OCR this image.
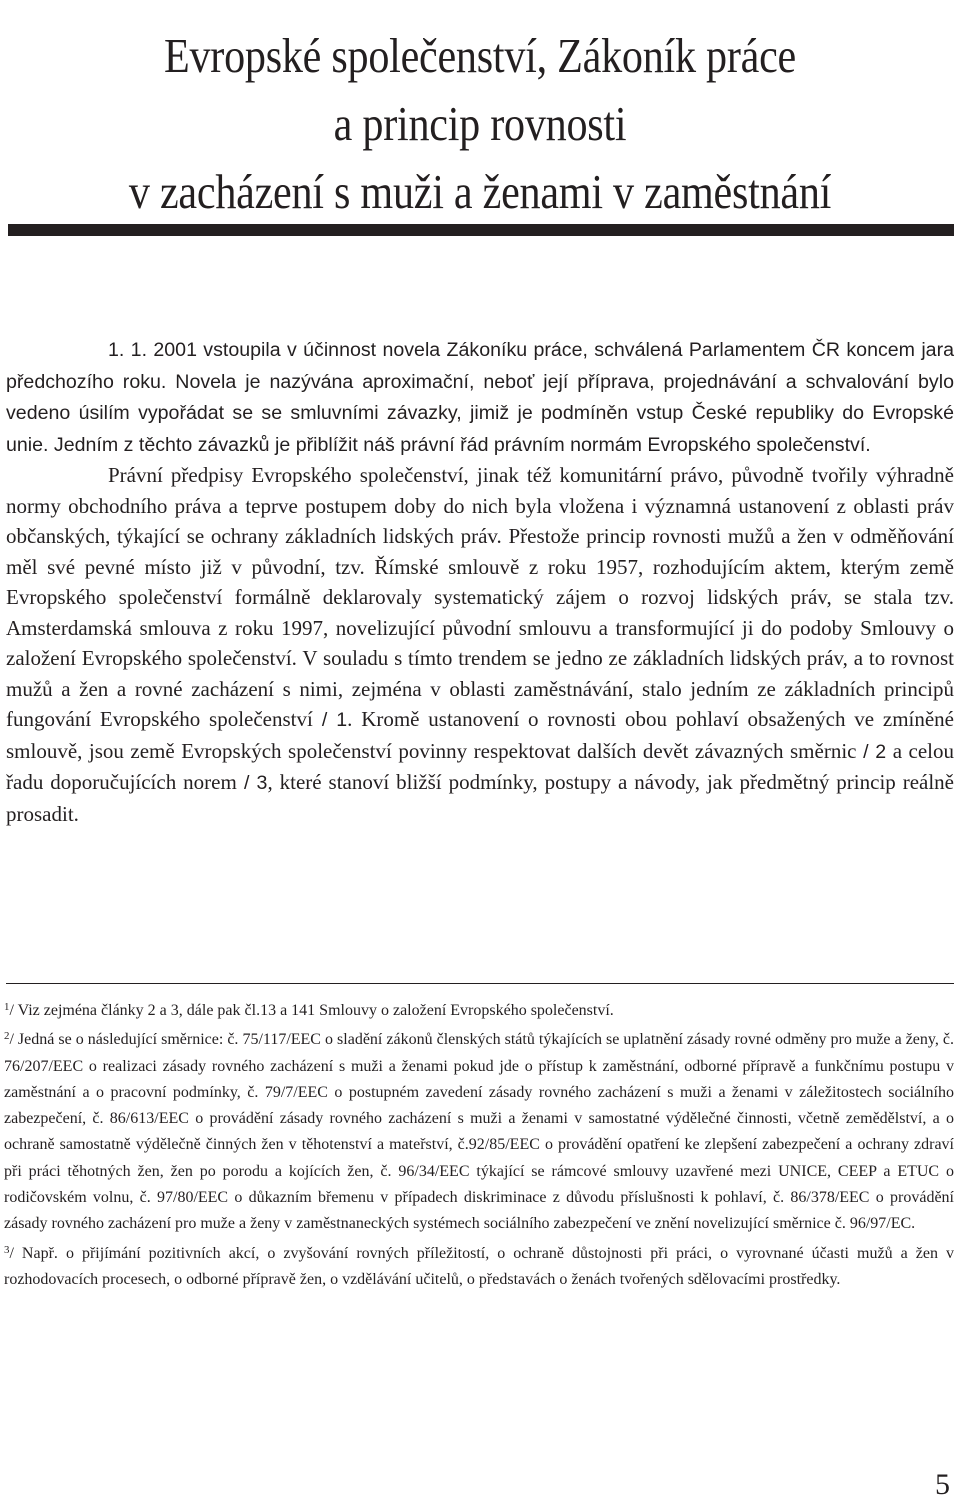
Evropské společenství, Zákoník práce
a princip rovnosti
v zacházení s muži a ženami v zaměstnání

1. 1. 2001 vstoupila v účinnost novela Zákoníku práce, schválená Parlamentem ČR koncem jara předchozího roku. Novela je nazývána aproximační, neboť její příprava, projednávání a schvalování bylo vedeno úsilím vypořádat se se smluvními závazky, jimiž je podmíněn vstup České republiky do Evropské unie. Jedním z těchto závazků je přiblížit náš právní řád právním normám Evropského společenství.

Právní předpisy Evropského společenství, jinak též komunitární právo, původně tvořily výhradně normy obchodního práva a teprve postupem doby do nich byla vložena i významná ustanovení z oblasti práv občanských, týkající se ochrany základních lidských práv. Přestože princip rovnosti mužů a žen v odměňování měl své pevné místo již v původní, tzv. Římské smlouvě z roku 1957, rozhodujícím aktem, kterým země Evropského společenství formálně deklarovaly systematický zájem o rozvoj lidských práv, se stala tzv. Amsterdamská smlouva z roku 1997, novelizující původní smlouvu a transformující ji do podoby Smlouvy o založení Evropského společenství. V souladu s tímto trendem se jedno ze základních lidských práv, a to rovnost mužů a žen a rovné zacházení s nimi, zejména v oblasti zaměstnávání, stalo jedním ze základních principů fungování Evropského společenství / 1. Kromě ustanovení o rovnosti obou pohlaví obsažených ve zmíněné smlouvě, jsou země Evropských společenství povinny respektovat dalších devět závazných směrnic / 2 a celou řadu doporučujících norem / 3, které stanoví bližší podmínky, postupy a návody, jak předmětný princip reálně prosadit.

$^1$/ Viz zejména články 2 a 3, dále pak čl.13 a 141 Smlouvy o založení Evropského společenství.

$^2$/ Jedná se o následující směrnice: č. 75/117/EEC o sladění zákonů členských států týkajících se uplatnění zásady rovné odměny pro muže a ženy, č. 76/207/EEC o realizaci zásady rovného zacházení s muži a ženami pokud jde o přístup k zaměstnání, odborné přípravě a funkčnímu postupu v zaměstnání a o pracovní podmínky, č. 79/7/EEC o postupném zavedení zásady rovného zacházení s muži a ženami v záležitostech sociálního zabezpečení, č. 86/613/EEC o provádění zásady rovného zacházení s muži a ženami v samostatné výdělečné činnosti, včetně zemědělství, a o ochraně samostatně výdělečně činných žen v těhotenství a mateřství, č.92/85/EEC o provádění opatření ke zlepšení zabezpečení a ochrany zdraví při práci těhotných žen, žen po porodu a kojících žen, č. 96/34/EEC týkající se rámcové smlouvy uzavřené mezi UNICE, CEEP a ETUC o rodičovském volnu, č. 97/80/EEC o důkazním břemenu v případech diskriminace z důvodu příslušnosti k pohlaví, č. 86/378/EEC o provádění zásady rovného zacházení pro muže a ženy v zaměstnaneckých systémech sociálního zabezpečení ve znění novelizující směrnice č. 96/97/EC.

$^3$/ Např. o přijímání pozitivních akcí, o zvyšování rovných příležitostí, o ochraně důstojnosti při práci, o vyrovnané účasti mužů a žen v rozhodovacích procesech, o odborné přípravě žen, o vzdělávání učitelů, o představách o ženách tvořených sdělovacími prostředky.

5
